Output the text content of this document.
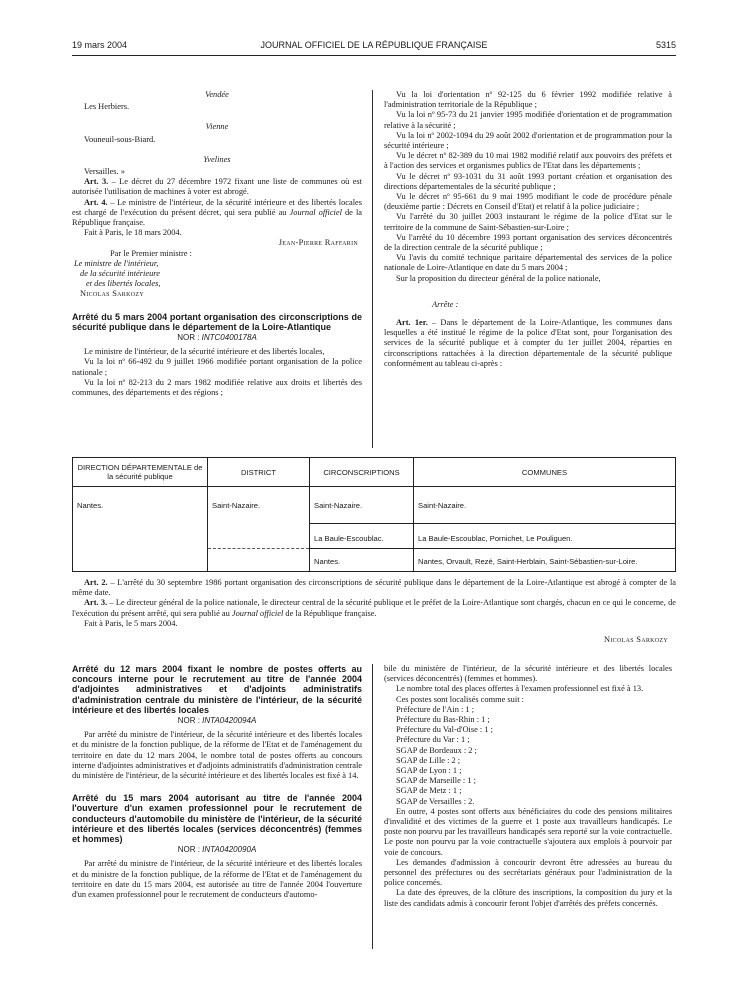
19 mars 2004	JOURNAL OFFICIEL DE LA RÉPUBLIQUE FRANÇAISE	5315

Vendée

Les Herbiers.

Vienne

Vouneuil-sous-Biard.

Yvelines

Versailles. »

Art. 3. – Le décret du 27 décembre 1972 fixant une liste de communes où est autorisée l'utilisation de machines à voter est abrogé.

Art. 4. – Le ministre de l'intérieur, de la sécurité intérieure et des libertés locales est chargé de l'exécution du présent décret, qui sera publié au Journal officiel de la République française.

Fait à Paris, le 18 mars 2004.

Jean-Pierre Raffarin

Par le Premier ministre :

Le ministre de l'intérieur,

de la sécurité intérieure

et des libertés locales,

Nicolas Sarkozy

Arrêté du 5 mars 2004 portant organisation des circonscriptions de sécurité publique dans le département de la Loire-Atlantique

NOR : INTC0400178A

Le ministre de l'intérieur, de la sécurité intérieure et des libertés locales,

Vu la loi nº 66-492 du 9 juillet 1966 modifiée portant organisation de la police nationale ;

Vu la loi nº 82-213 du 2 mars 1982 modifiée relative aux droits et libertés des communes, des départements et des régions ;

Vu la loi d'orientation nº 92-125 du 6 février 1992 modifiée relative à l'administration territoriale de la République ;

Vu la loi nº 95-73 du 21 janvier 1995 modifiée d'orientation et de programmation relative à la sécurité ;

Vu la loi nº 2002-1094 du 29 août 2002 d'orientation et de programmation pour la sécurité intérieure ;

Vu le décret nº 82-389 du 10 mai 1982 modifié relatif aux pouvoirs des préfets et à l'action des services et organismes publics de l'Etat dans les départements ;

Vu le décret nº 93-1031 du 31 août 1993 portant création et organisation des directions départementales de la sécurité publique ;

Vu le décret nº 95-661 du 9 mai 1995 modifiant le code de procédure pénale (deuxième partie : Décrets en Conseil d'Etat) et relatif à la police judiciaire ;

Vu l'arrêté du 30 juillet 2003 instaurant le régime de la police d'Etat sur le territoire de la commune de Saint-Sébastien-sur-Loire ;

Vu l'arrêté du 10 décembre 1993 portant organisation des services déconcentrés de la direction centrale de la sécurité publique ;

Vu l'avis du comité technique paritaire départemental des services de la police nationale de Loire-Atlantique en date du 5 mars 2004 ;

Sur la proposition du directeur général de la police nationale,

Arrête :

Art. 1er. – Dans le département de la Loire-Atlantique, les communes dans lesquelles a été institué le régime de la police d'Etat sont, pour l'organisation des services de la sécurité publique et à compter du 1er juillet 2004, réparties en circonscriptions rattachées à la direction départementale de la sécurité publique conformément au tableau ci-après :

DIRECTION DÉPARTEMENTALE de la sécurité publique	DISTRICT	CIRCONSCRIPTIONS	COMMUNES
Nantes.	Saint-Nazaire.	Saint-Nazaire.	Saint-Nazaire.
		La Baule-Escoublac.	La Baule-Escoublac, Pornichet, Le Pouliguen.
		Nantes.	Nantes, Orvault, Rezé, Saint-Herblain, Saint-Sébastien-sur-Loire.

Art. 2. – L'arrêté du 30 septembre 1986 portant organisation des circonscriptions de sécurité publique dans le département de la Loire-Atlantique est abrogé à compter de la même date.

Art. 3. – Le directeur général de la police nationale, le directeur central de la sécurité publique et le préfet de la Loire-Atlantique sont chargés, chacun en ce qui le concerne, de l'exécution du présent arrêté, qui sera publié au Journal officiel de la République française.

Fait à Paris, le 5 mars 2004.

Nicolas Sarkozy

Arrêté du 12 mars 2004 fixant le nombre de postes offerts au concours interne pour le recrutement au titre de l'année 2004 d'adjointes administratives et d'adjoints administratifs d'administration centrale du ministère de l'intérieur, de la sécurité intérieure et des libertés locales

NOR : INTA0420094A

Par arrêté du ministre de l'intérieur, de la sécurité intérieure et des libertés locales et du ministre de la fonction publique, de la réforme de l'Etat et de l'aménagement du territoire en date du 12 mars 2004, le nombre total de postes offerts au concours interne d'adjointes administratives et d'adjoints administratifs d'administration centrale du ministère de l'intérieur, de la sécurité intérieure et des libertés locales est fixé à 14.

Arrêté du 15 mars 2004 autorisant au titre de l'année 2004 l'ouverture d'un examen professionnel pour le recrutement de conducteurs d'automobile du ministère de l'intérieur, de la sécurité intérieure et des libertés locales (services déconcentrés) (femmes et hommes)

NOR : INTA0420090A

Par arrêté du ministre de l'intérieur, de la sécurité intérieure et des libertés locales et du ministre de la fonction publique, de la réforme de l'Etat et de l'aménagement du territoire en date du 15 mars 2004, est autorisée au titre de l'année 2004 l'ouverture d'un examen professionnel pour le recrutement de conducteurs d'automo-

bile du ministère de l'intérieur, de la sécurité intérieure et des libertés locales (services déconcentrés) (femmes et hommes).

Le nombre total des places offertes à l'examen professionnel est fixé à 13.

Ces postes sont localisés comme suit :

Préfecture de l'Ain : 1 ;

Préfecture du Bas-Rhin : 1 ;

Préfecture du Val-d'Oise : 1 ;

Préfecture du Var : 1 ;

SGAP de Bordeaux : 2 ;

SGAP de Lille : 2 ;

SGAP de Lyon : 1 ;

SGAP de Marseille : 1 ;

SGAP de Metz : 1 ;

SGAP de Versailles : 2.

En outre, 4 postes sont offerts aux bénéficiaires du code des pensions militaires d'invalidité et des victimes de la guerre et 1 poste aux travailleurs handicapés. Le poste non pourvu par les travailleurs handicapés sera reporté sur la voie contractuelle. Le poste non pourvu par la voie contractuelle s'ajoutera aux emplois à pourvoir par voie de concours.

Les demandes d'admission à concourir devront être adressées au bureau du personnel des préfectures ou des secrétariats généraux pour l'administration de la police concernés.

La date des épreuves, de la clôture des inscriptions, la composition du jury et la liste des candidats admis à concourir feront l'objet d'arrêtés des préfets concernés.
